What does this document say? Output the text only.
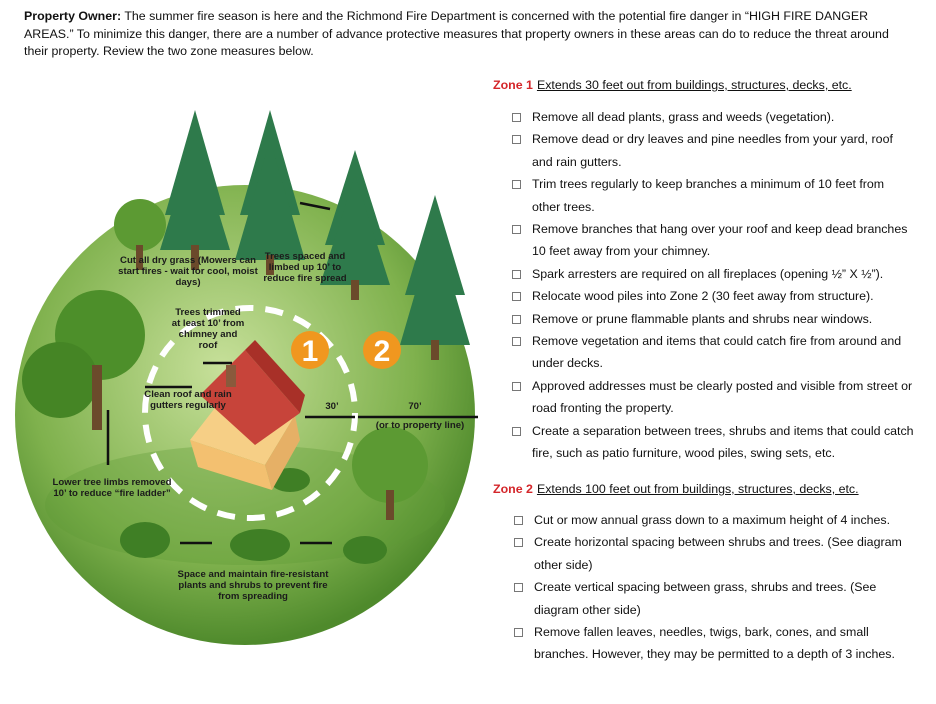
Property Owner: The summer fire season is here and the Richmond Fire Department is concerned with the potential fire danger in “HIGH FIRE DANGER AREAS.” To minimize this danger, there are a number of advance protective measures that property owners in these areas can do to reduce the threat around their property. Review the two zone measures below.
1 2
Cut all dry grass (Mowers can start fires - wait for cool, moist days)
Trees spaced and limbed up 10’ to reduce fire spread
Trees trimmed at least 10’ from chimney and roof
Clean roof and rain gutters regularly	30’	70’
(or to property line)
Lower tree limbs removed 10’ to reduce “fire ladder”
Space and maintain fire-resistant plants and shrubs to prevent fire from spreading
Zone 1 Extends 30 feet out from buildings, structures, decks, etc.
Remove all dead plants, grass and weeds (vegetation).
Remove dead or dry leaves and pine needles from your yard, roof and rain gutters.
Trim trees regularly to keep branches a minimum of 10 feet from other trees.
Remove branches that hang over your roof and keep dead branches 10 feet away from your chimney.
Spark arresters are required on all fireplaces (opening ½” X ½”).
Relocate wood piles into Zone 2 (30 feet away from structure).
Remove or prune flammable plants and shrubs near windows.
Remove vegetation and items that could catch fire from around and under decks.
Approved addresses must be clearly posted and visible from street or road fronting the property.
Create a separation between trees, shrubs and items that could catch fire, such as patio furniture, wood piles, swing sets, etc.
Zone 2 Extends 100 feet out from buildings, structures, decks, etc.
Cut or mow annual grass down to a maximum height of 4 inches.
Create horizontal spacing between shrubs and trees. (See diagram other side)
Create vertical spacing between grass, shrubs and trees. (See diagram other side)
Remove fallen leaves, needles, twigs, bark, cones, and small branches. However, they may be permitted to a depth of 3 inches.
